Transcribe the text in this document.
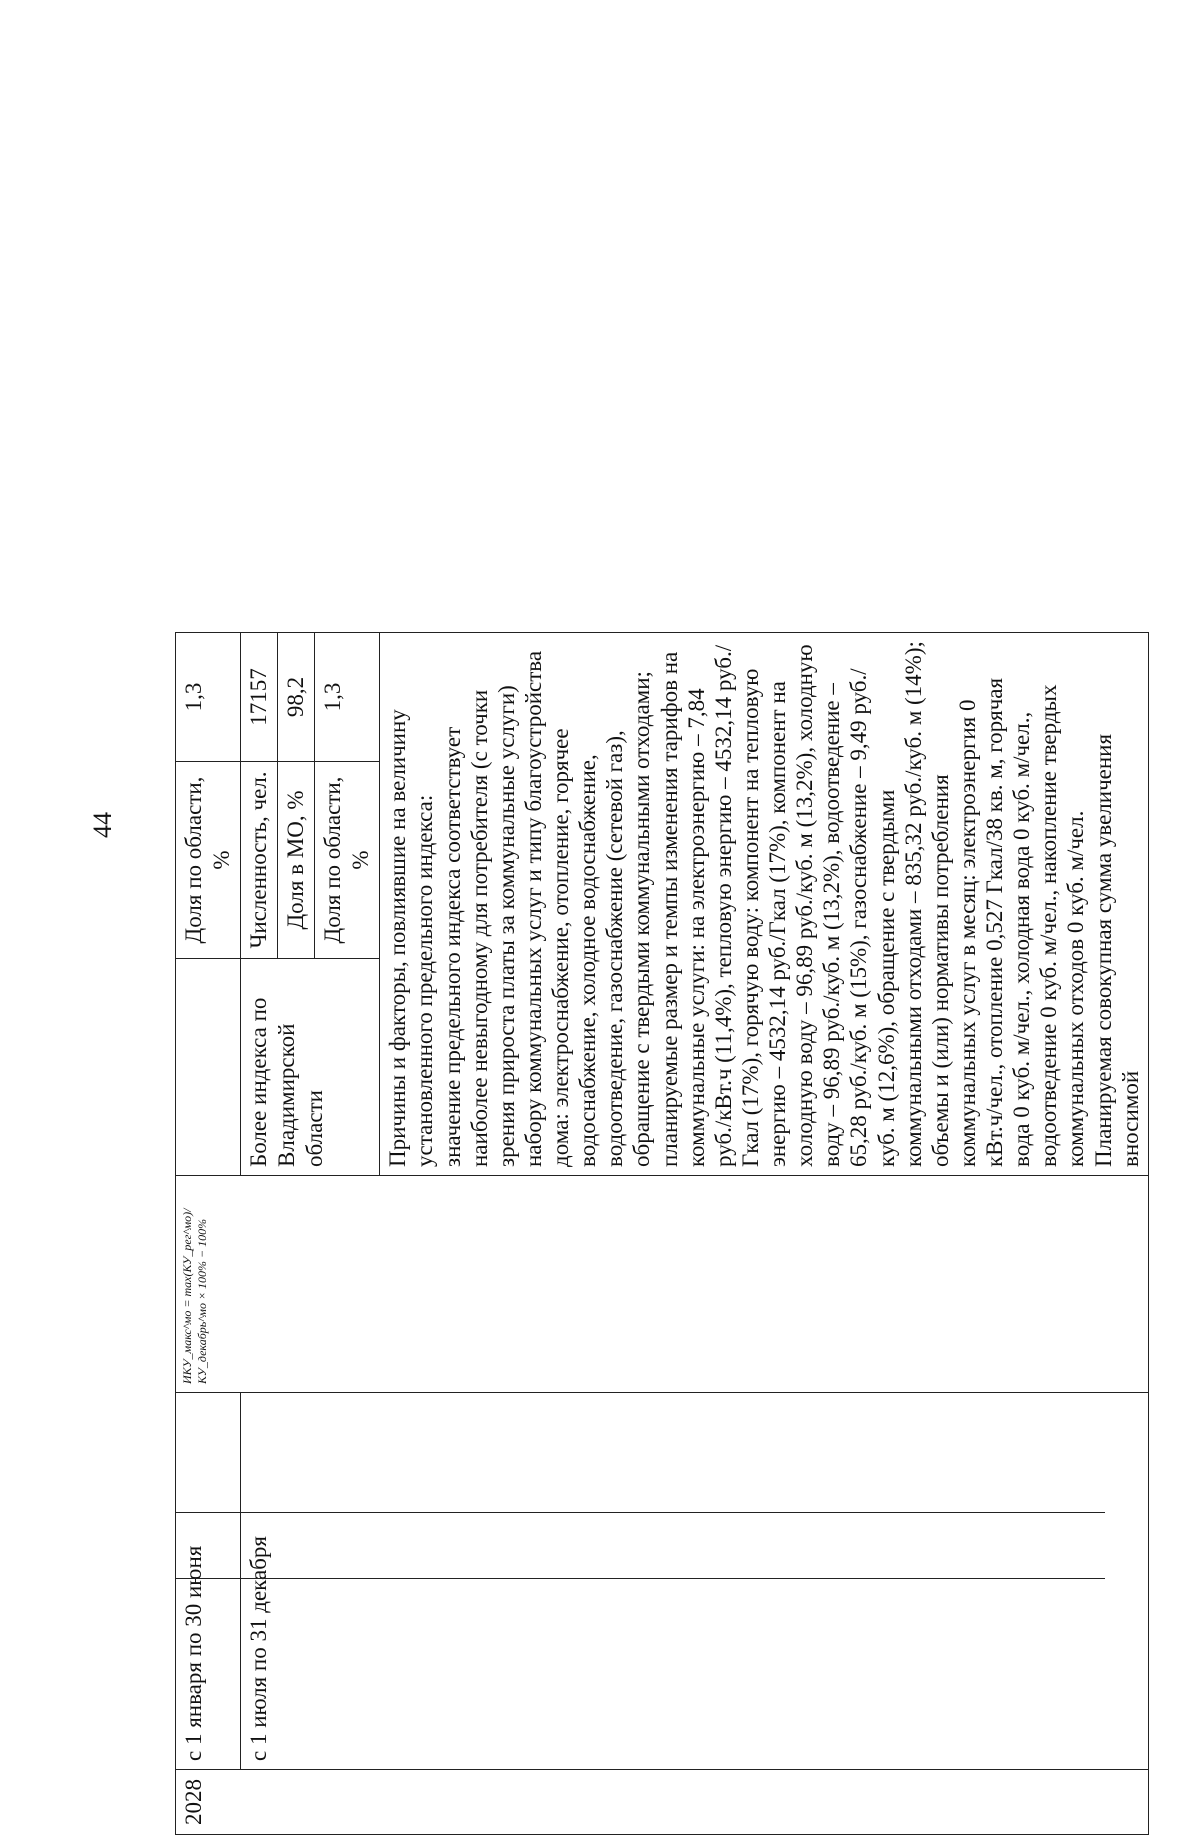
44
2028	с 1 января по 30 июня	ИКУ_макс^мо = max(КУ_рег^мо)/КУ_декабрь^мо × 100% − 100%		Доля по области, %	1,3
	с 1 июля по 31 декабря		Более индекса по Владимирской области	Численность, чел.	17157
				Доля в МО, %	98,2
				Доля по области, %	1,3

			Причины и факторы, повлиявшие на величину установленного предельного индекса: значение предельного индекса соответствует наиболее невыгодному для потребителя (с точки зрения прироста платы за коммунальные услуги) набору коммунальных услуг и типу благоустройства дома: электроснабжение, отопление, горячее водоснабжение, холодное водоснабжение, водоотведение, газоснабжение (сетевой газ), обращение с твердыми коммунальными отходами; планируемые размер и темпы изменения тарифов на коммунальные услуги: на электроэнергию – 7,84 руб./кВт.ч (11,4%), тепловую энергию – 4532,14 руб./Гкал (17%), горячую воду: компонент на тепловую энергию – 4532,14 руб./Гкал (17%), компонент на холодную воду – 96,89 руб./куб. м (13,2%), холодную воду – 96,89 руб./куб. м (13,2%), водоотведение – 65,28 руб./куб. м (15%), газоснабжение – 9,49 руб./куб. м (12,6%), обращение с твердыми коммунальными отходами – 835,32 руб./куб. м (14%); объемы и (или) нормативы потребления коммунальных услуг в месяц: электроэнергия 0 кВт.ч/чел., отопление 0,527 Гкал/38 кв. м, горячая вода 0 куб. м/чел., холодная вода 0 куб. м/чел., водоотведение 0 куб. м/чел., накопление твердых коммунальных отходов 0 куб. м/чел. Планируемая совокупная сумма увеличения вносимой		
